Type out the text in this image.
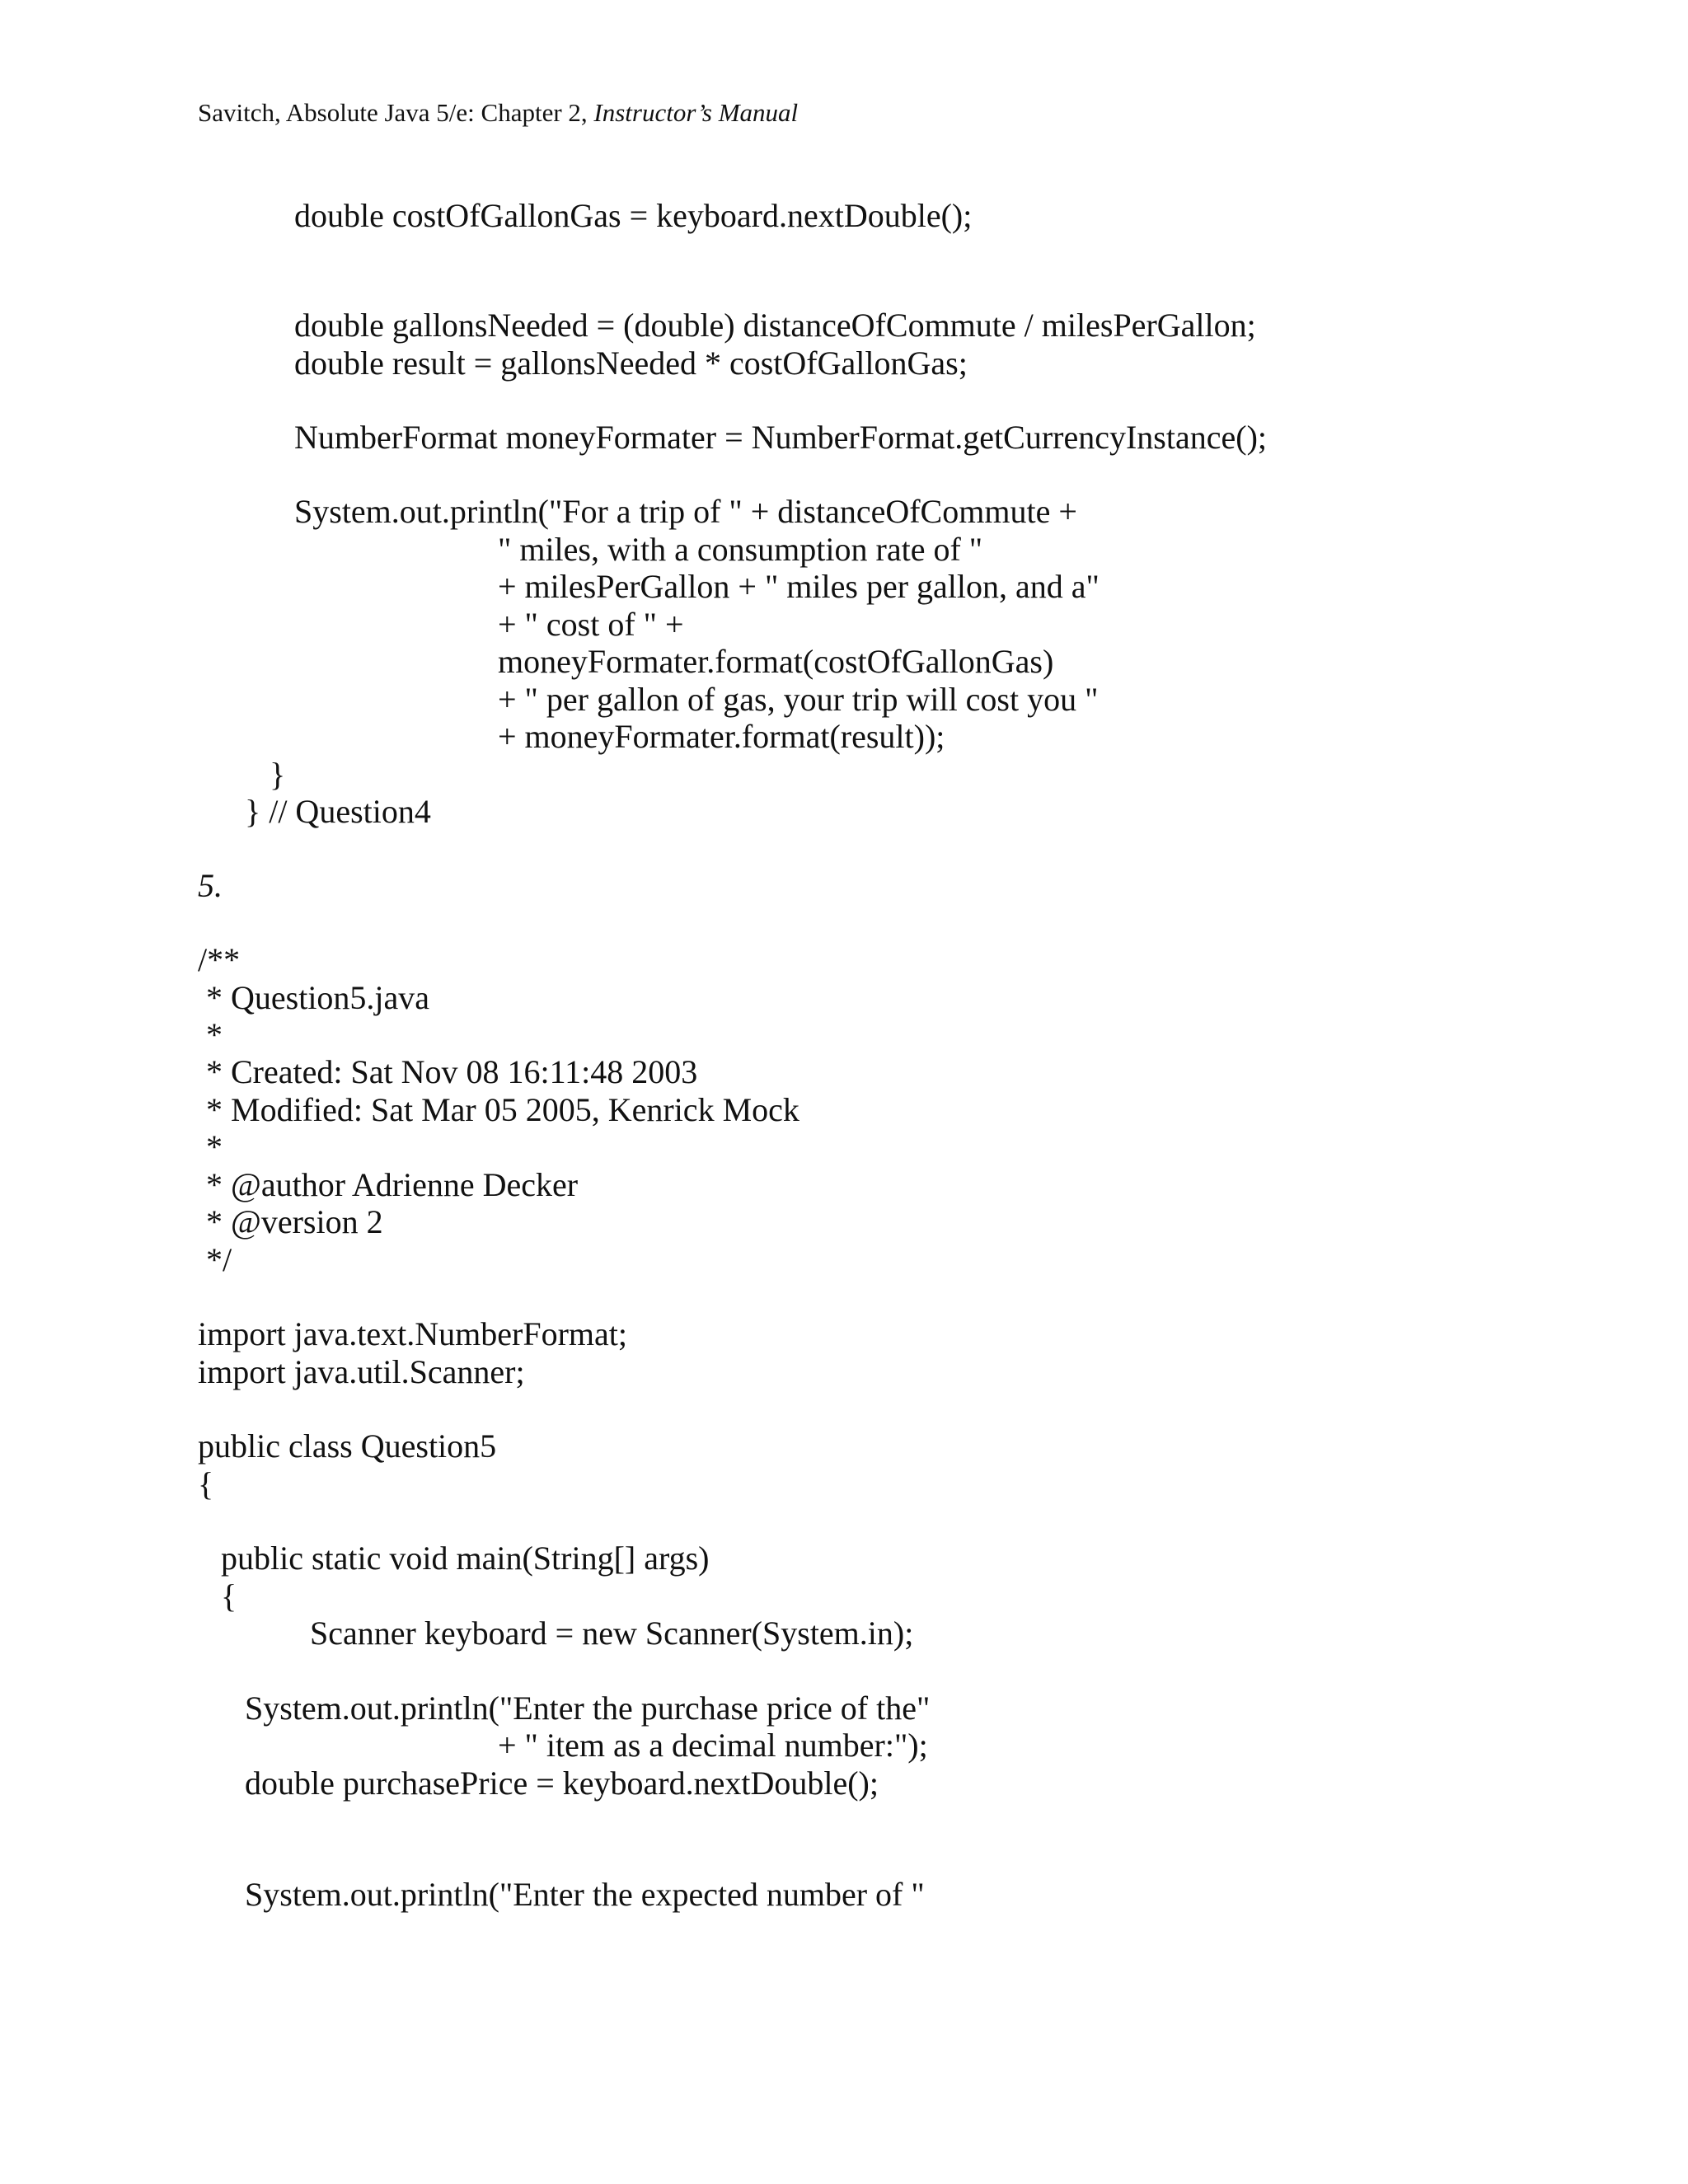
Savitch, Absolute Java 5/e: Chapter 2, Instructor’s Manual
double costOfGallonGas = keyboard.nextDouble();
double gallonsNeeded = (double) distanceOfCommute / milesPerGallon;
double result = gallonsNeeded * costOfGallonGas;
NumberFormat moneyFormater = NumberFormat.getCurrencyInstance();
System.out.println("For a trip of " + distanceOfCommute +
" miles, with a consumption rate of "
+ milesPerGallon + " miles per gallon, and a"
+ " cost of " +
moneyFormater.format(costOfGallonGas)
+ " per gallon of gas, your trip will cost you "
+ moneyFormater.format(result));
}
} // Question4
5.
/**
* Question5.java
*
* Created: Sat Nov 08 16:11:48 2003
* Modified: Sat Mar 05 2005, Kenrick Mock
*
* @author Adrienne Decker
* @version 2
*/
import java.text.NumberFormat;
import java.util.Scanner;
public class Question5
{
public static void main(String[] args)
{
Scanner keyboard = new Scanner(System.in);
System.out.println("Enter the purchase price of the"
+ " item as a decimal number:");
double purchasePrice = keyboard.nextDouble();
System.out.println("Enter the expected number of "
